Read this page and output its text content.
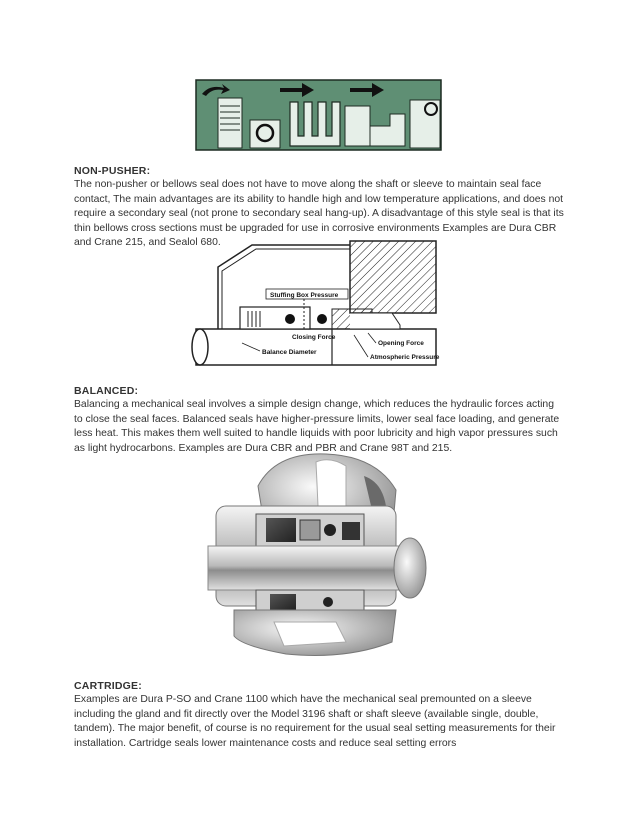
NON-PUSHER:
The non-pusher or bellows seal does not have to move along the shaft or sleeve to maintain seal face contact, The main advantages are its ability to handle high and low temperature applications, and does not require a secondary seal (not prone to secondary seal hang-up). A disadvantage of this style seal is that its thin bellows cross sections must be upgraded for use in corrosive environments Examples are Dura CBR and Crane 215, and Sealol 680.
Stuffing Box Pressure
Closing Force
Opening Force
Balance Diameter
Atmospheric Pressure
BALANCED:
Balancing a mechanical seal involves a simple design change, which reduces the hydraulic forces acting to close the seal faces. Balanced seals have higher-pressure limits, lower seal face loading, and generate less heat. This makes them well suited to handle liquids with poor lubricity and high vapor pressures such as light hydrocarbons. Examples are Dura CBR and PBR and Crane 98T and 215.
CARTRIDGE:
Examples are Dura P-SO and Crane 1100 which have the mechanical seal premounted on a sleeve including the gland and fit directly over the Model 3196 shaft or shaft sleeve (available single, double, tandem). The major benefit, of course is no requirement for the usual seal setting measurements for their installation. Cartridge seals lower maintenance costs and reduce seal setting errors
